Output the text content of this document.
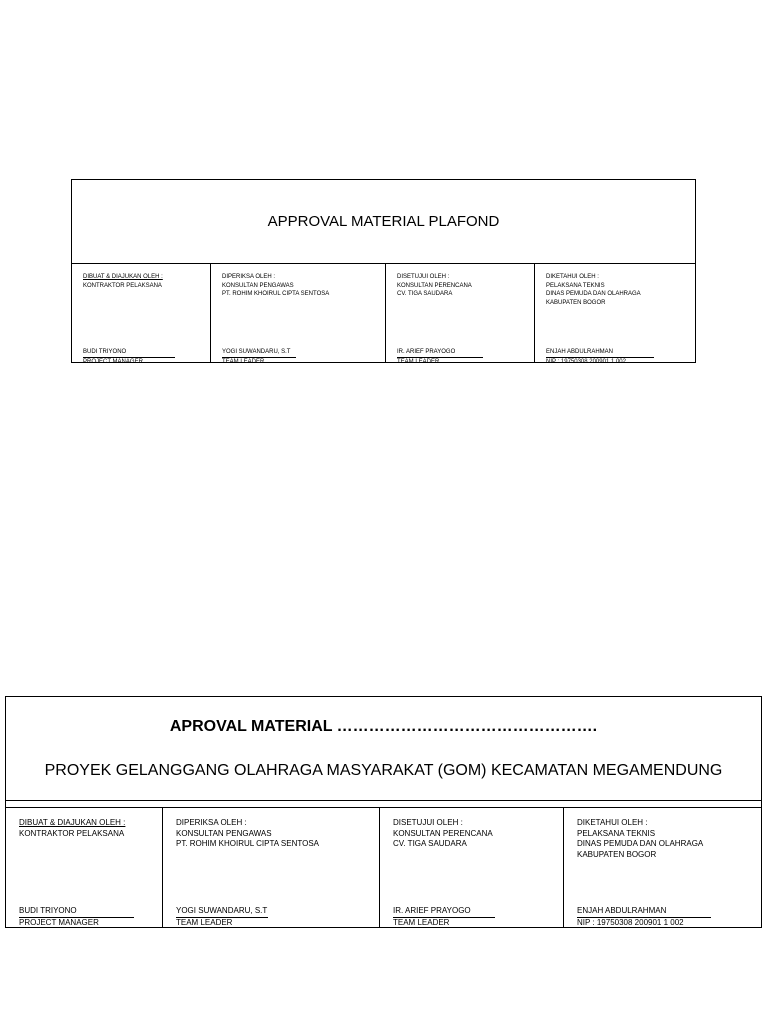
APPROVAL MATERIAL PLAFOND
DIBUAT & DIAJUKAN OLEH :
KONTRAKTOR PELAKSANA
BUDI TRIYONO
PROJECT MANAGER
DIPERIKSA OLEH :
KONSULTAN PENGAWAS
PT. ROHIM KHOIRUL CIPTA SENTOSA
YOGI SUWANDARU, S.T
TEAM LEADER
DISETUJUI OLEH :
KONSULTAN PERENCANA
CV. TIGA SAUDARA
IR. ARIEF PRAYOGO
TEAM LEADER
DIKETAHUI OLEH :
PELAKSANA TEKNIS
DINAS PEMUDA DAN OLAHRAGA
KABUPATEN BOGOR
ENJAH ABDULRAHMAN
NIP : 19750308 200901 1 002
APROVAL MATERIAL ………………………………………….
PROYEK GELANGGANG OLAHRAGA MASYARAKAT (GOM) KECAMATAN MEGAMENDUNG
DIBUAT & DIAJUKAN OLEH :
KONTRAKTOR PELAKSANA
BUDI TRIYONO
PROJECT MANAGER
DIPERIKSA OLEH :
KONSULTAN PENGAWAS
PT. ROHIM KHOIRUL CIPTA SENTOSA
YOGI SUWANDARU, S.T
TEAM LEADER
DISETUJUI OLEH :
KONSULTAN PERENCANA
CV. TIGA SAUDARA
IR. ARIEF PRAYOGO
TEAM LEADER
DIKETAHUI OLEH :
PELAKSANA TEKNIS
DINAS PEMUDA DAN OLAHRAGA
KABUPATEN BOGOR
ENJAH ABDULRAHMAN
NIP : 19750308 200901 1 002
